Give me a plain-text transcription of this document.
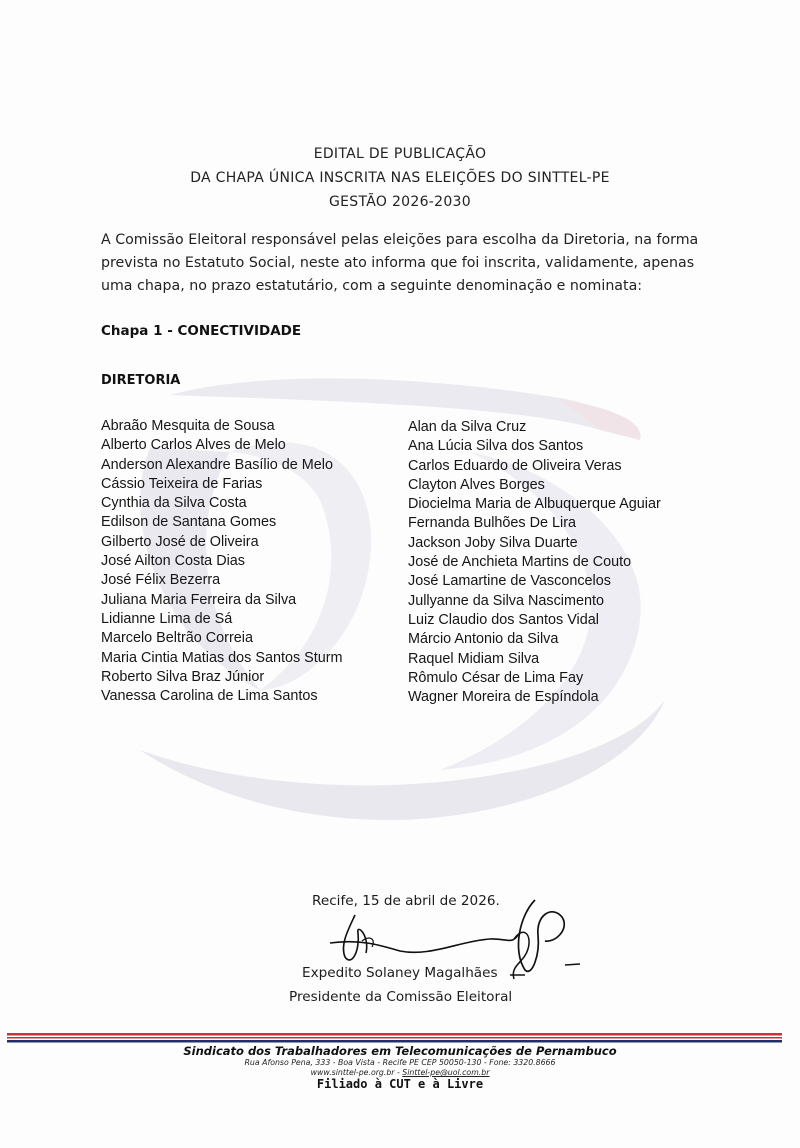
EDITAL DE PUBLICAÇÃO
DA CHAPA ÚNICA INSCRITA NAS ELEIÇÕES DO SINTTEL-PE
GESTÃO 2026-2030
A Comissão Eleitoral responsável pelas eleições para escolha da Diretoria, na forma
prevista no Estatuto Social, neste ato informa que foi inscrita, validamente, apenas
uma chapa, no prazo estatutário, com a seguinte denominação e nominata:
Chapa 1 - CONECTIVIDADE
DIRETORIA
Abraão Mesquita de Sousa
Alberto Carlos Alves de Melo
Anderson Alexandre Basílio de Melo
Cássio Teixeira de Farias
Cynthia da Silva Costa
Edilson de Santana Gomes
Gilberto José de Oliveira
José Ailton Costa Dias
José Félix Bezerra
Juliana Maria Ferreira da Silva
Lidianne Lima de Sá
Marcelo Beltrão Correia
Maria Cintia Matias dos Santos Sturm
Roberto Silva Braz Júnior
Vanessa Carolina de Lima Santos
Alan da Silva Cruz
Ana Lúcia Silva dos Santos
Carlos Eduardo de Oliveira Veras
Clayton Alves Borges
Diocielma Maria de Albuquerque Aguiar
Fernanda Bulhões De Lira
Jackson Joby Silva Duarte
José de Anchieta Martins de Couto
José Lamartine de Vasconcelos
Jullyanne da Silva Nascimento
Luiz Claudio dos Santos Vidal
Márcio Antonio da Silva
Raquel Midiam Silva
Rômulo César de Lima Fay
Wagner Moreira de Espíndola
Recife, 15 de abril de 2026.
Expedito Solaney Magalhães
Presidente da Comissão Eleitoral
Sindicato dos Trabalhadores em Telecomunicações de Pernambuco
Rua Afonso Pena, 333 - Boa Vista - Recife PE CEP 50050-130 - Fone: 3320.8666
www.sinttel-pe.org.br - Sinttel-pe@uol.com.br
Filiado à CUT e à Livre
